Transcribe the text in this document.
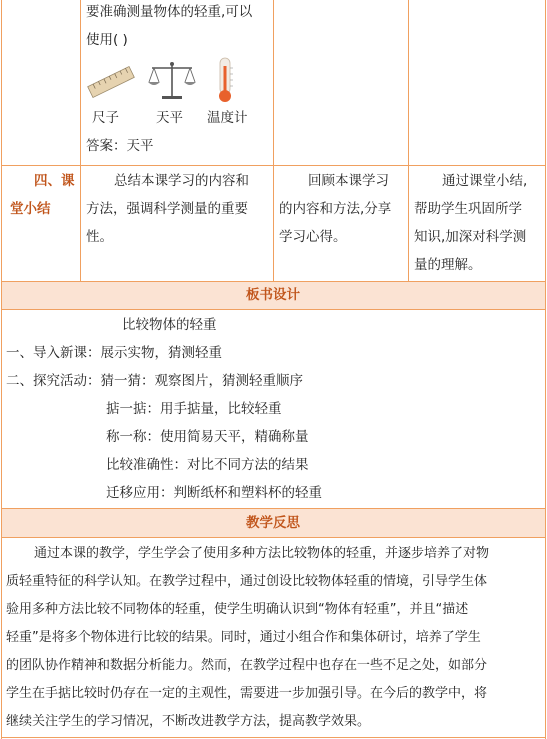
要准确测量物体的轻重,可以
使用( )
尺子	天平 温度计
答案：天平
四、课
堂小结
总结本课学习的内容和
方法，强调科学测量的重要
性。
回顾本课学习
的内容和方法,分享
学习心得。
通过课堂小结,
帮助学生巩固所学
知识,加深对科学测
量的理解。
板书设计
比较物体的轻重
一、导入新课：展示实物，猜测轻重
二、探究活动：猜一猜：观察图片，猜测轻重顺序
掂一掂：用手掂量，比较轻重
称一称：使用简易天平，精确称量
比较准确性：对比不同方法的结果
迁移应用：判断纸杯和塑料杯的轻重
教学反思
通过本课的教学，学生学会了使用多种方法比较物体的轻重，并逐步培养了对物
质轻重特征的科学认知。在教学过程中，通过创设比较物体轻重的情境，引导学生体
验用多种方法比较不同物体的轻重，使学生明确认识到“物体有轻重”，并且“描述
轻重”是将多个物体进行比较的结果。同时，通过小组合作和集体研讨，培养了学生
的团队协作精神和数据分析能力。然而，在教学过程中也存在一些不足之处，如部分
学生在手掂比较时仍存在一定的主观性，需要进一步加强引导。在今后的教学中，将
继续关注学生的学习情况，不断改进教学方法，提高教学效果。
